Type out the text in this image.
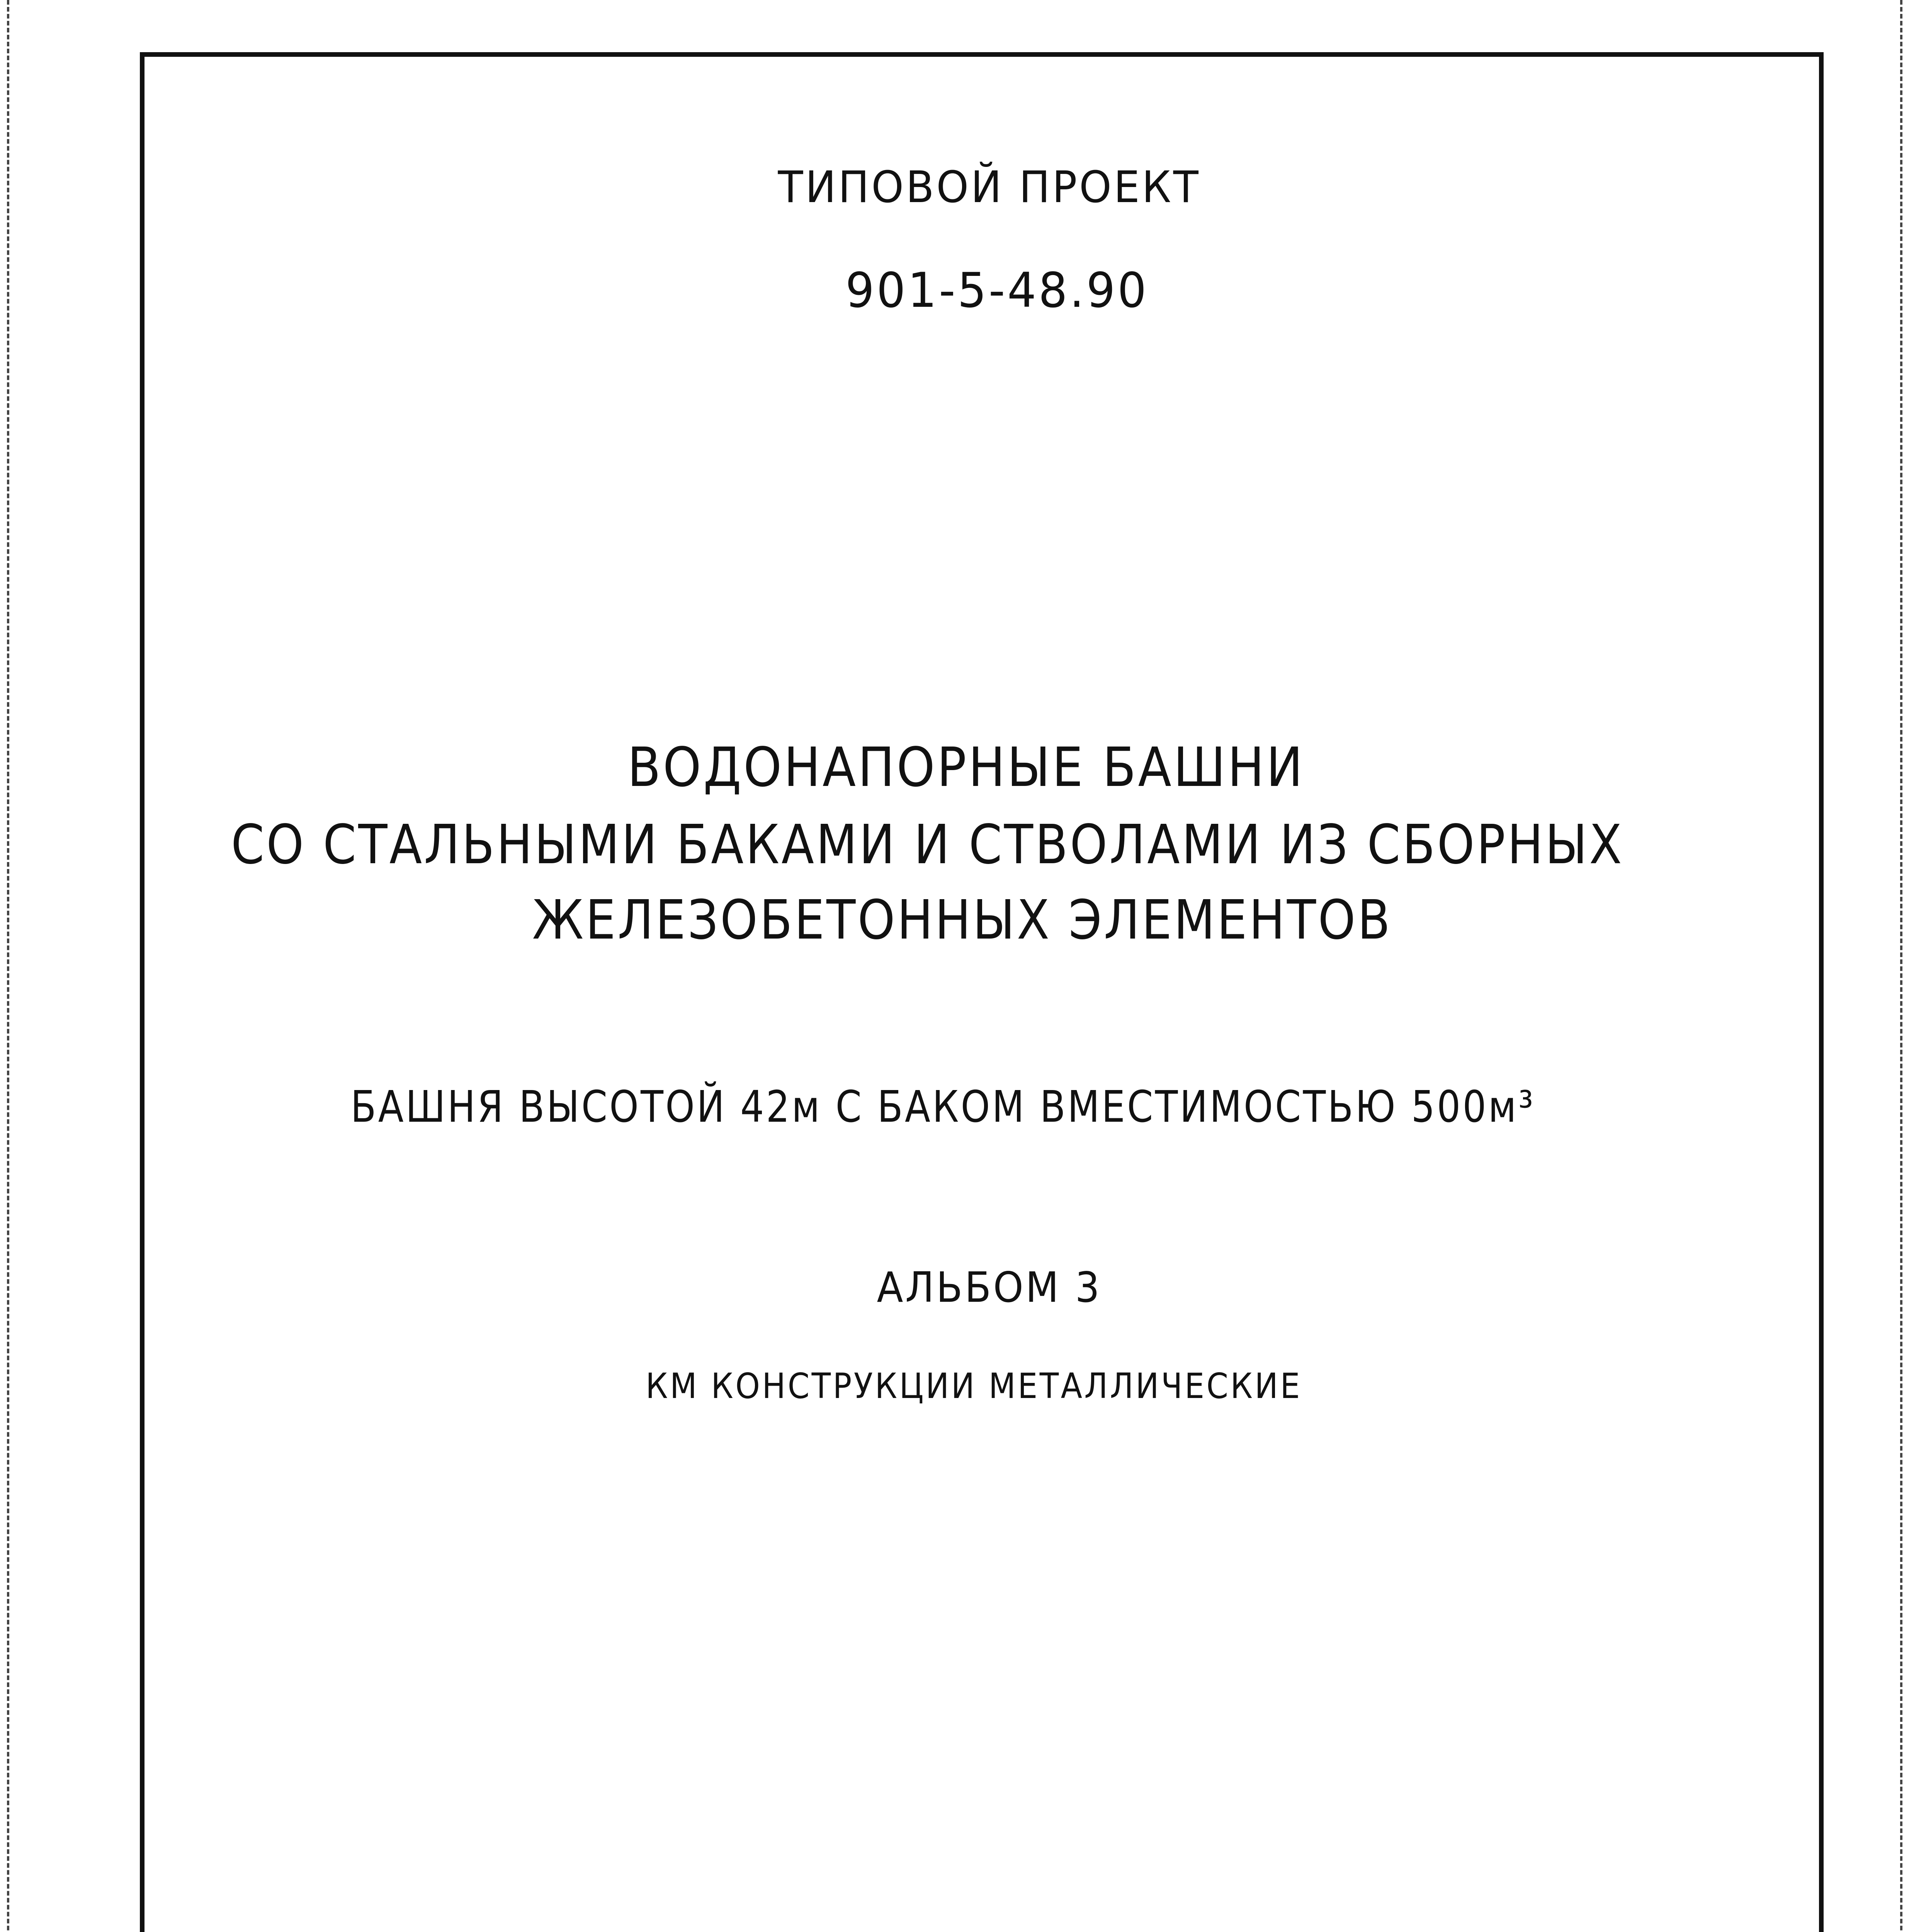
ТИПОВОЙ ПРОЕКТ
901-5-48.90
ВОДОНАПОРНЫЕ БАШНИ
СО СТАЛЬНЫМИ БАКАМИ И СТВОЛАМИ ИЗ СБОРНЫХ
ЖЕЛЕЗОБЕТОННЫХ ЭЛЕМЕНТОВ
БАШНЯ ВЫСОТОЙ 42м С БАКОМ ВМЕСТИМОСТЬЮ 500м³
АЛЬБОМ 3
КМ КОНСТРУКЦИИ МЕТАЛЛИЧЕСКИЕ
